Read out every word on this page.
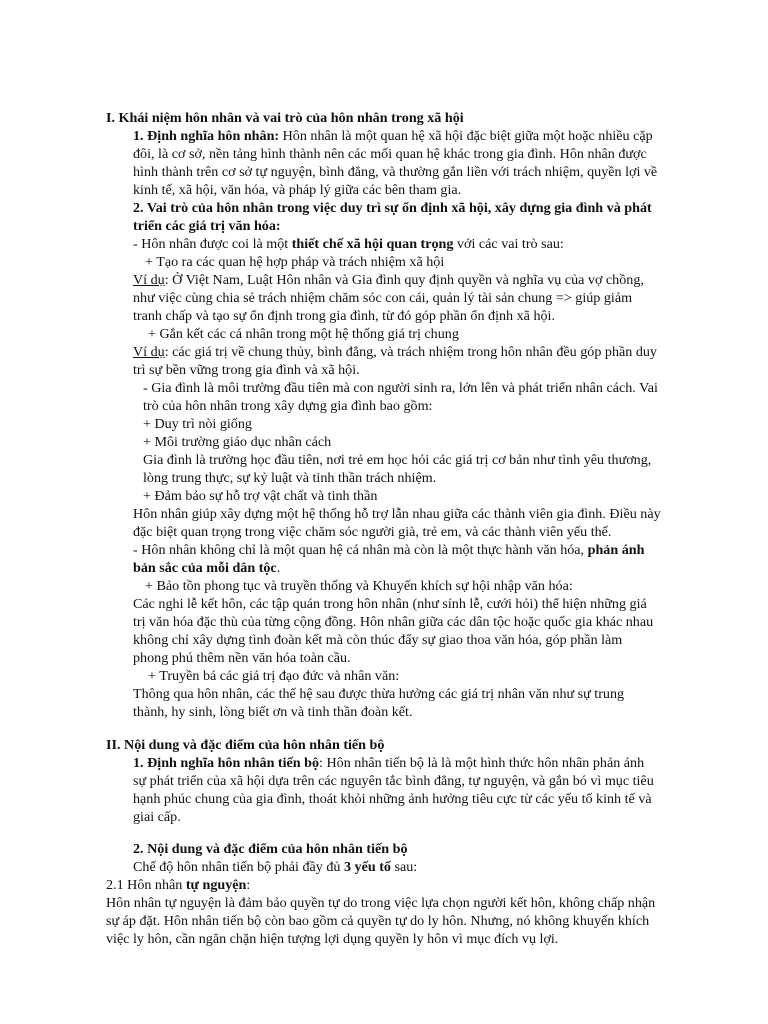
I. Khái niệm hôn nhân và vai trò của hôn nhân trong xã hội
1. Định nghĩa hôn nhân: Hôn nhân là một quan hệ xã hội đặc biệt giữa một hoặc nhiều cặp
đôi, là cơ sở, nền tảng hình thành nên các mối quan hệ khác trong gia đình. Hôn nhân được
hình thành trên cơ sở tự nguyện, bình đẳng, và thường gắn liền với trách nhiệm, quyền lợi về
kinh tế, xã hội, văn hóa, và pháp lý giữa các bên tham gia.
2. Vai trò của hôn nhân trong việc duy trì sự ổn định xã hội, xây dựng gia đình và phát
triển các giá trị văn hóa:
- Hôn nhân được coi là một thiết chế xã hội quan trọng với các vai trò sau:
+ Tạo ra các quan hệ hợp pháp và trách nhiệm xã hội
Ví dụ: Ở Việt Nam, Luật Hôn nhân và Gia đình quy định quyền và nghĩa vụ của vợ chồng,
như việc cùng chia sẻ trách nhiệm chăm sóc con cái, quản lý tài sản chung => giúp giảm
tranh chấp và tạo sự ổn định trong gia đình, từ đó góp phần ổn định xã hội.
+ Gắn kết các cá nhân trong một hệ thống giá trị chung
Ví dụ: các giá trị về chung thủy, bình đẳng, và trách nhiệm trong hôn nhân đều góp phần duy
trì sự bền vững trong gia đình và xã hội.
- Gia đình là môi trường đầu tiên mà con người sinh ra, lớn lên và phát triển nhân cách. Vai
trò của hôn nhân trong xây dựng gia đình bao gồm:
+ Duy trì nòi giống
+ Môi trường giáo dục nhân cách
Gia đình là trường học đầu tiên, nơi trẻ em học hỏi các giá trị cơ bản như tình yêu thương,
lòng trung thực, sự kỷ luật và tinh thần trách nhiệm.
+ Đảm bảo sự hỗ trợ vật chất và tinh thần
Hôn nhân giúp xây dựng một hệ thống hỗ trợ lẫn nhau giữa các thành viên gia đình. Điều này
đặc biệt quan trọng trong việc chăm sóc người già, trẻ em, và các thành viên yếu thế.
- Hôn nhân không chỉ là một quan hệ cá nhân mà còn là một thực hành văn hóa, phản ánh
bản sắc của mỗi dân tộc.
+ Bảo tồn phong tục và truyền thống và Khuyến khích sự hội nhập văn hóa:
Các nghi lễ kết hôn, các tập quán trong hôn nhân (như sính lễ, cưới hỏi) thể hiện những giá
trị văn hóa đặc thù của từng cộng đồng. Hôn nhân giữa các dân tộc hoặc quốc gia khác nhau
không chỉ xây dựng tình đoàn kết mà còn thúc đẩy sự giao thoa văn hóa, góp phần làm
phong phú thêm nền văn hóa toàn cầu.
+ Truyền bá các giá trị đạo đức và nhân văn:
Thông qua hôn nhân, các thế hệ sau được thừa hưởng các giá trị nhân văn như sự trung
thành, hy sinh, lòng biết ơn và tinh thần đoàn kết.
II. Nội dung và đặc điểm của hôn nhân tiến bộ
1. Định nghĩa hôn nhân tiến bộ: Hôn nhân tiến bộ là là một hình thức hôn nhân phản ánh
sự phát triển của xã hội dựa trên các nguyên tắc bình đẳng, tự nguyện, và gắn bó vì mục tiêu
hạnh phúc chung của gia đình, thoát khỏi những ảnh hưởng tiêu cực từ các yếu tố kinh tế và
giai cấp.
2. Nội dung và đặc điểm của hôn nhân tiến bộ
Chế độ hôn nhân tiến bộ phải đầy đủ 3 yếu tố sau:
2.1 Hôn nhân tự nguyện:
Hôn nhân tự nguyện là đảm bảo quyền tự do trong việc lựa chọn người kết hôn, không chấp nhận
sự áp đặt. Hôn nhân tiến bộ còn bao gồm cả quyền tự do ly hôn. Nhưng, nó không khuyến khích
việc ly hôn, cần ngăn chặn hiện tượng lợi dụng quyền ly hôn vì mục đích vụ lợi.
